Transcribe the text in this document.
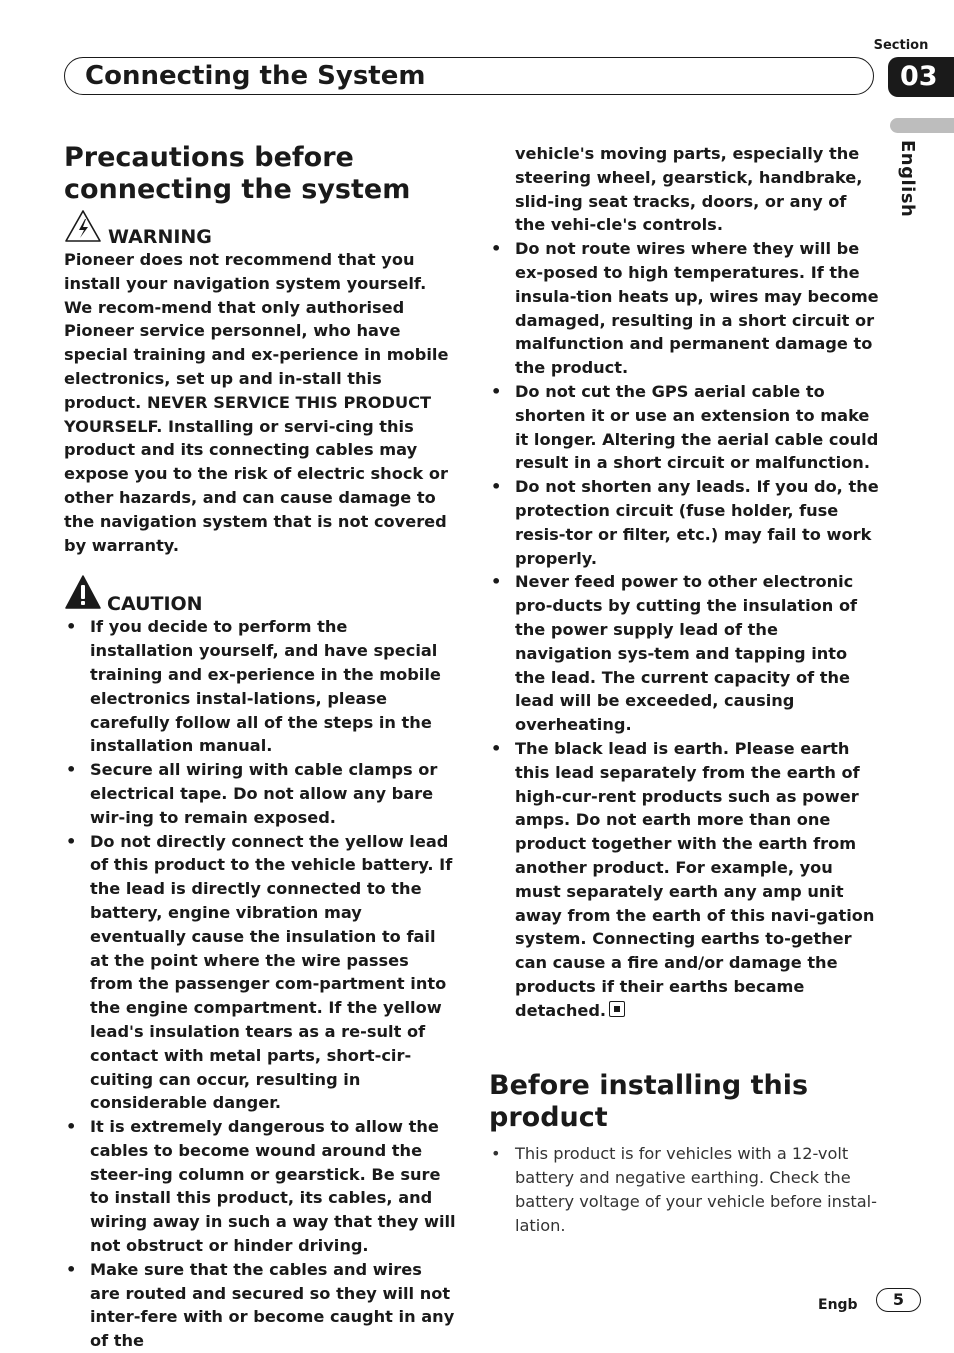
Section
Connecting the System	03
English
Precautions before connecting the system
WARNING

Pioneer does not recommend that you install your navigation system yourself. We recom-mend that only authorised Pioneer service personnel, who have special training and ex-perience in mobile electronics, set up and in-stall this product. NEVER SERVICE THIS PRODUCT YOURSELF. Installing or servi-cing this product and its connecting cables may expose you to the risk of electric shock or other hazards, and can cause damage to the navigation system that is not covered by warranty.

CAUTION
• If you decide to perform the installation yourself, and have special training and ex-perience in the mobile electronics instal-lations, please carefully follow all of the steps in the installation manual.
• Secure all wiring with cable clamps or electrical tape. Do not allow any bare wir-ing to remain exposed.
• Do not directly connect the yellow lead of this product to the vehicle battery. If the lead is directly connected to the battery, engine vibration may eventually cause the insulation to fail at the point where the wire passes from the passenger com-partment into the engine compartment. If the yellow lead's insulation tears as a re-sult of contact with metal parts, short-cir-cuiting can occur, resulting in considerable danger.
• It is extremely dangerous to allow the cables to become wound around the steer-ing column or gearstick. Be sure to install this product, its cables, and wiring away in such a way that they will not obstruct or hinder driving.
• Make sure that the cables and wires are routed and secured so they will not inter-fere with or become caught in any of the

vehicle's moving parts, especially the steering wheel, gearstick, handbrake, slid-ing seat tracks, doors, or any of the vehi-cle's controls.

• Do not route wires where they will be ex-posed to high temperatures. If the insula-tion heats up, wires may become damaged, resulting in a short circuit or malfunction and permanent damage to the product.
• Do not cut the GPS aerial cable to shorten it or use an extension to make it longer. Altering the aerial cable could result in a short circuit or malfunction.
• Do not shorten any leads. If you do, the protection circuit (fuse holder, fuse resis-tor or filter, etc.) may fail to work properly.
• Never feed power to other electronic pro-ducts by cutting the insulation of the power supply lead of the navigation sys-tem and tapping into the lead. The current capacity of the lead will be exceeded, causing overheating.
• The black lead is earth. Please earth this lead separately from the earth of high-cur-rent products such as power amps. Do not earth more than one product together with the earth from another product. For example, you must separately earth any amp unit away from the earth of this navi-gation system. Connecting earths to-gether can cause a fire and/or damage the products if their earths became detached.
Before installing this product
• This product is for vehicles with a 12-volt battery and negative earthing. Check the battery voltage of your vehicle before instal-lation.
Engb	5
